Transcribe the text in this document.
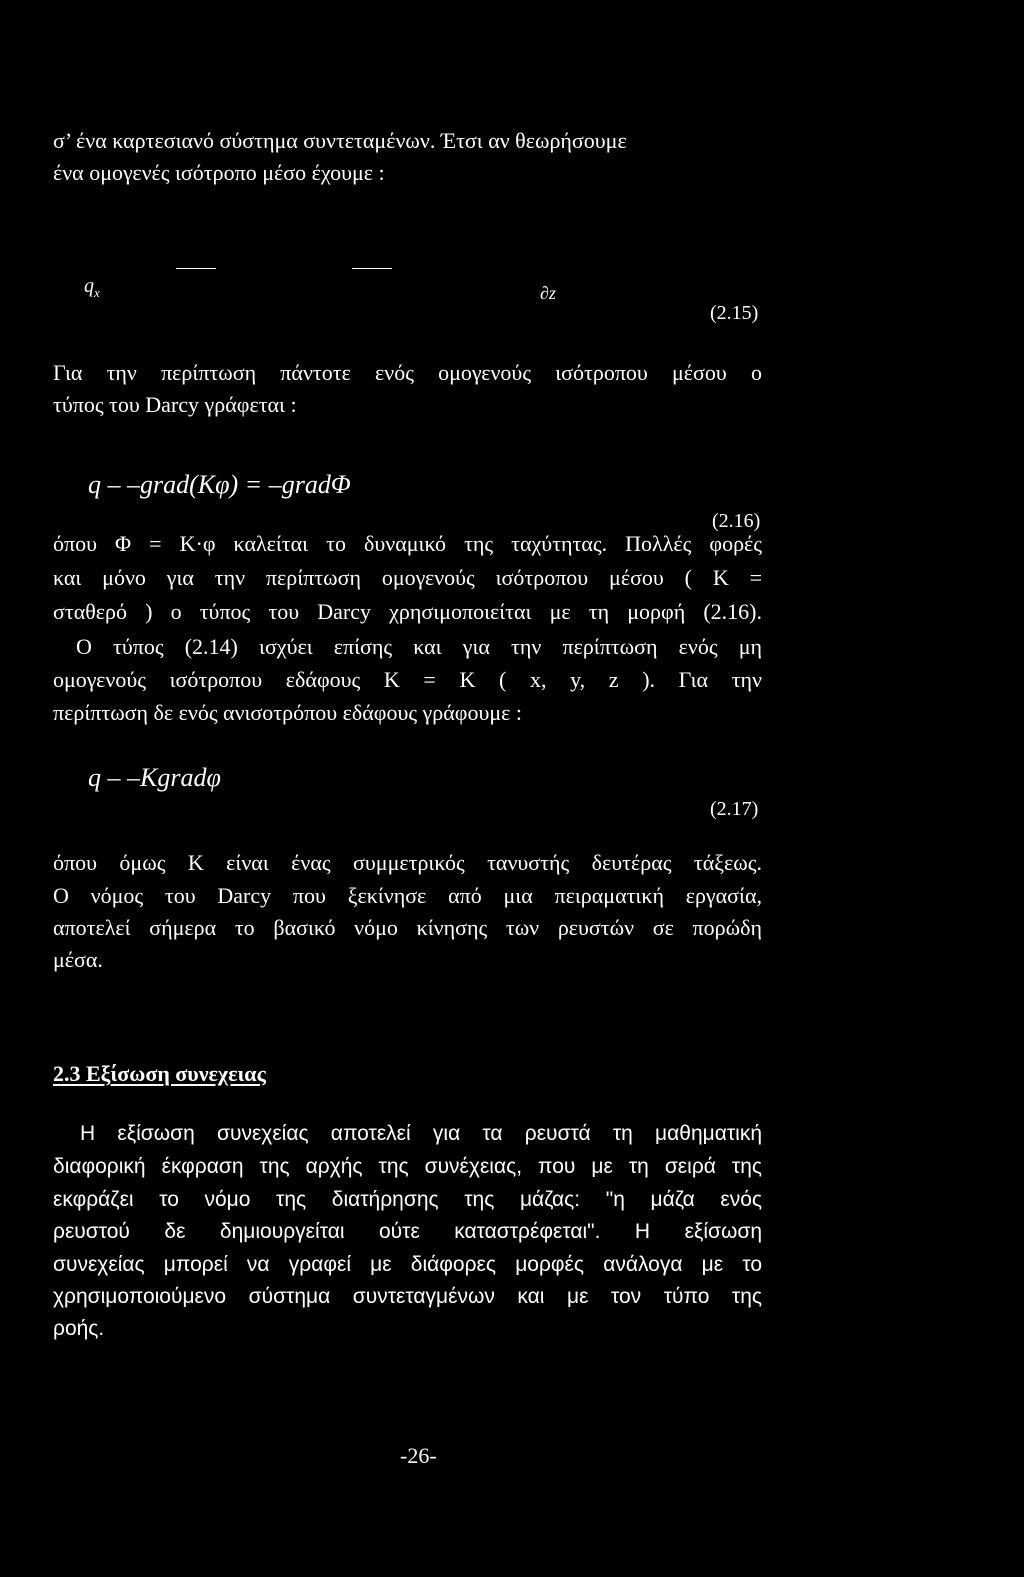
σ’ ένα καρτεσιανό σύστημα συντεταμένων. Έτσι αν θεωρήσουμε
ένα ομογενές ισότροπο μέσο έχουμε :
$q_x$	∂z
(2.15)
Για την περίπτωση πάντοτε ενός ομογενούς ισότροπου μέσου ο
τύπος του Darcy γράφεται :
q – –grad(Kφ) = –gradΦ
(2.16)
όπου Φ = K·φ καλείται το δυναμικό της ταχύτητας. Πολλές φορές
και μόνο για την περίπτωση ομογενούς ισότροπου μέσου ( K =
σταθερό ) ο τύπος του Darcy χρησιμοποιείται με τη μορφή (2.16).
Ο τύπος (2.14) ισχύει επίσης και για την περίπτωση ενός μη
ομογενούς ισότροπου εδάφους K = K ( x, y, z ). Για την
περίπτωση δε ενός ανισοτρόπου εδάφους γράφουμε :
q – –Kgradφ
(2.17)
όπου όμως K είναι ένας συμμετρικός τανυστής δευτέρας τάξεως.
Ο νόμος του Darcy που ξεκίνησε από μια πειραματική εργασία,
αποτελεί σήμερα το βασικό νόμο κίνησης των ρευστών σε πορώδη
μέσα.
2.3 Εξίσωση συνεχειας
Η εξίσωση συνεχείας αποτελεί για τα ρευστά τη μαθηματική
διαφορική έκφραση της αρχής της συνέχειας, που με τη σειρά της
εκφράζει το νόμο της διατήρησης της μάζας: "η μάζα ενός
ρευστού δε δημιουργείται ούτε καταστρέφεται". Η εξίσωση
συνεχείας μπορεί να γραφεί με διάφορες μορφές ανάλογα με το
χρησιμοποιούμενο σύστημα συντεταγμένων και με τον τύπο της
ροής.
-26-
